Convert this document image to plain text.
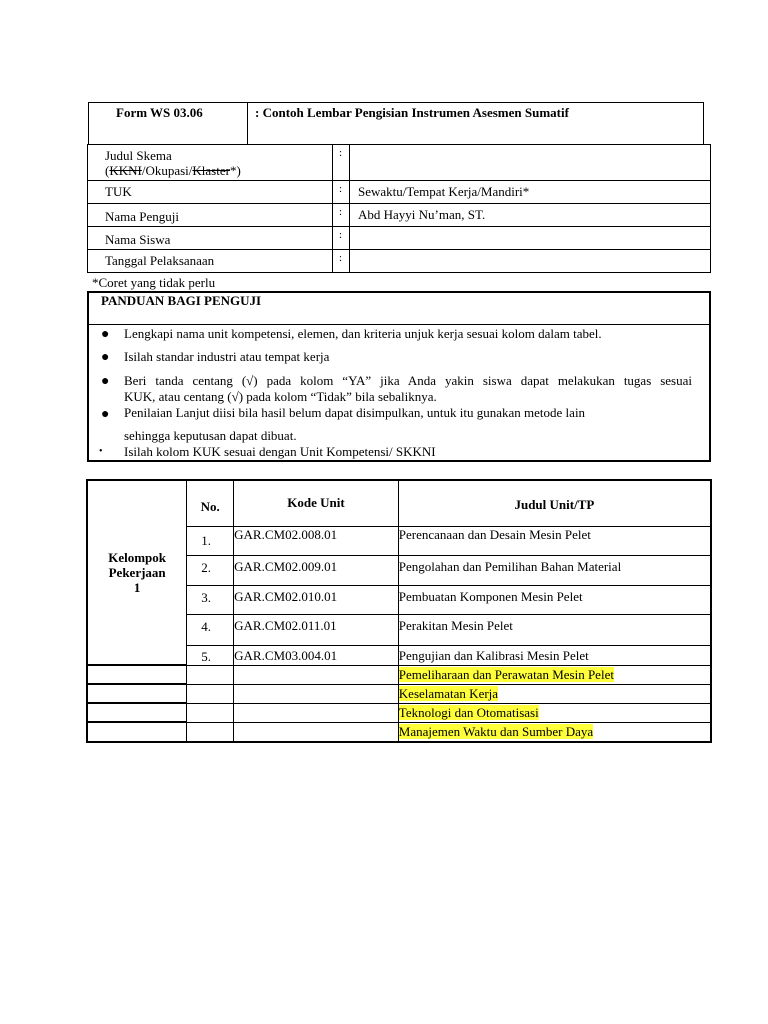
Form WS 03.06	: Contoh Lembar Pengisian Instrumen Asesmen Sumatif
Judul Skema
(KKNI/Okupasi/Klaster*)	:	
TUK	:	Sewaktu/Tempat Kerja/Mandiri*
Nama Penguji	:	Abd Hayyi Nu’man, ST.
Nama Siswa	:	
Tanggal Pelaksanaan	:	
*Coret yang tidak perlu
PANDUAN BAGI PENGUJI
● Lengkapi nama unit kompetensi, elemen, dan kriteria unjuk kerja sesuai kolom dalam tabel.
● Isilah standar industri atau tempat kerja
● Beri tanda centang (√) pada kolom “YA” jika Anda yakin siswa dapat melakukan tugas sesuai
KUK, atau centang (√) pada kolom “Tidak” bila sebaliknya.
● Penilaian Lanjut diisi bila hasil belum dapat disimpulkan, untuk itu gunakan metode lain
sehingga keputusan dapat dibuat.
• Isilah kolom KUK sesuai dengan Unit Kompetensi/ SKKNI
Kelompok
Pekerjaan
1	No.	Kode Unit	Judul Unit/TP
	1.	GAR.CM02.008.01	Perencanaan dan Desain Mesin Pelet
	2.	GAR.CM02.009.01	Pengolahan dan Pemilihan Bahan Material
	3.	GAR.CM02.010.01	Pembuatan Komponen Mesin Pelet
	4.	GAR.CM02.011.01	Perakitan Mesin Pelet
	5.	GAR.CM03.004.01	Pengujian dan Kalibrasi Mesin Pelet
			Pemeliharaan dan Perawatan Mesin Pelet
			Keselamatan Kerja
			Teknologi dan Otomatisasi
			Manajemen Waktu dan Sumber Daya
